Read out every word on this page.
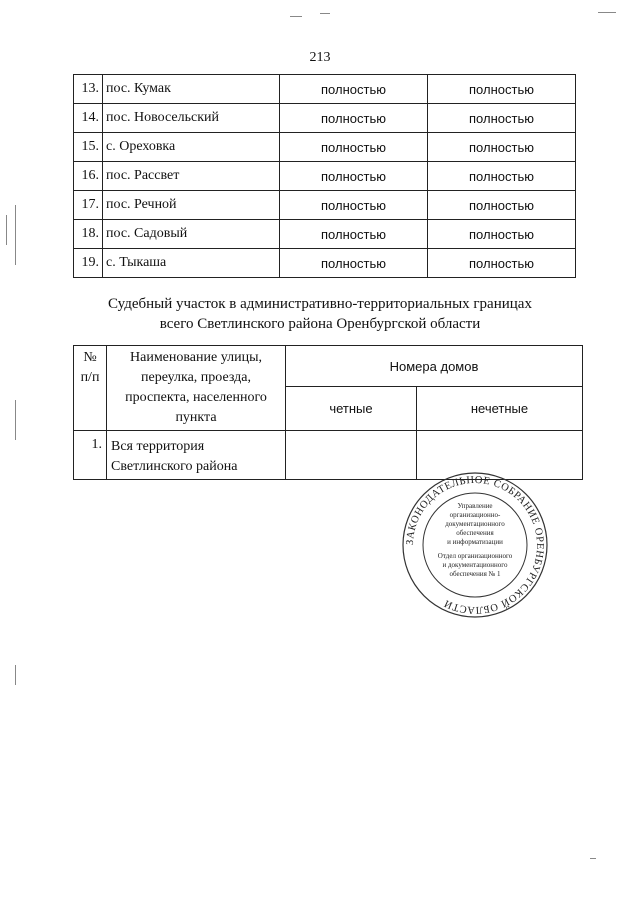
213
13.	пос. Кумак	полностью	полностью
14.	пос. Новосельский	полностью	полностью
15.	с. Ореховка	полностью	полностью
16.	пос. Рассвет	полностью	полностью
17.	пос. Речной	полностью	полностью
18.	пос. Садовый	полностью	полностью
19.	с. Тыкаша	полностью	полностью
Судебный участок в административно-территориальных границах
всего Светлинского района Оренбургской области
№ п/п	Наименование улицы, переулка, проезда, проспекта, населенного пункта	Номера домов	
		четные	нечетные
1.	Вся территория Светлинского района		
ЗАКОНОДАТЕЛЬНОЕ СОБРАНИЕ ОРЕНБУРГСКОЙ ОБЛАСТИ
Управление
организационно-
документационного
обеспечения
и информатизации
Отдел организационного
и документационного
обеспечения № 1
